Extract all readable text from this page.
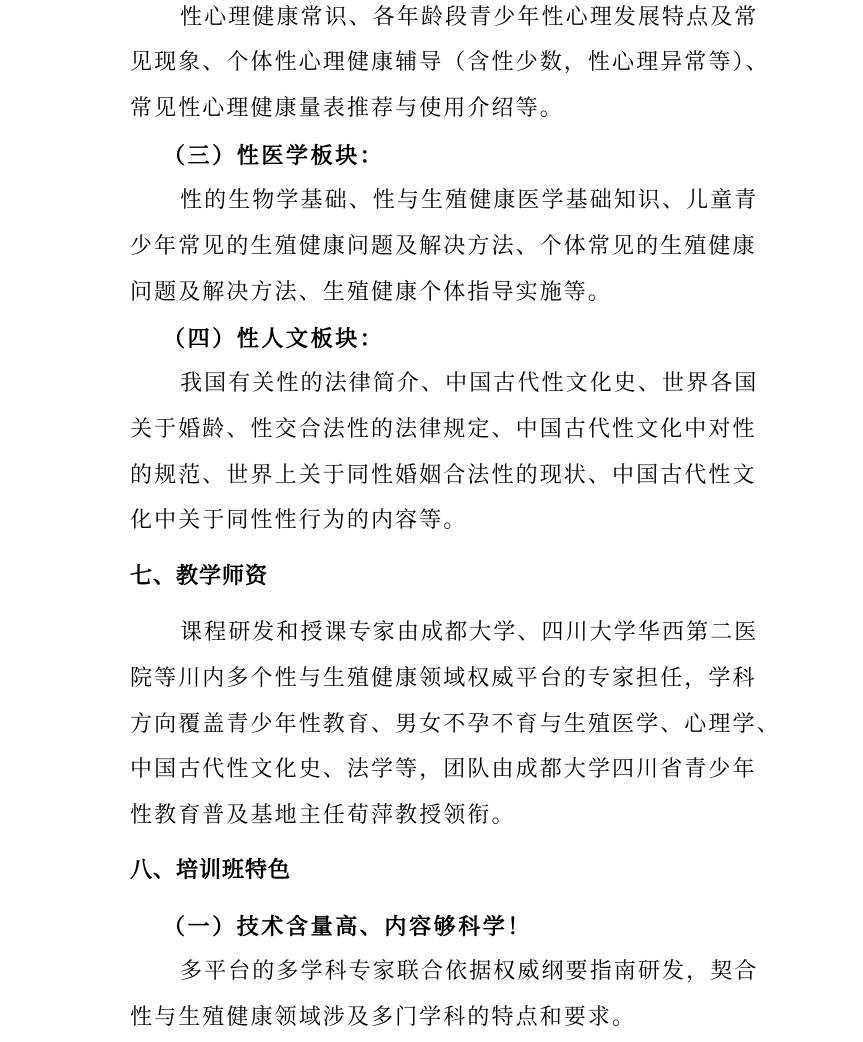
性心理健康常识、各年龄段青少年性心理发展特点及常
见现象、个体性心理健康辅导（含性少数，性心理异常等）、
常见性心理健康量表推荐与使用介绍等。
（三）性医学板块：
性的生物学基础、性与生殖健康医学基础知识、儿童青
少年常见的生殖健康问题及解决方法、个体常见的生殖健康
问题及解决方法、生殖健康个体指导实施等。
（四）性人文板块：
我国有关性的法律简介、中国古代性文化史、世界各国
关于婚龄、性交合法性的法律规定、中国古代性文化中对性
的规范、世界上关于同性婚姻合法性的现状、中国古代性文
化中关于同性性行为的内容等。
七、教学师资
课程研发和授课专家由成都大学、四川大学华西第二医
院等川内多个性与生殖健康领域权威平台的专家担任，学科
方向覆盖青少年性教育、男女不孕不育与生殖医学、心理学、
中国古代性文化史、法学等，团队由成都大学四川省青少年
性教育普及基地主任荀萍教授领衔。
八、培训班特色
（一）技术含量高、内容够科学！
多平台的多学科专家联合依据权威纲要指南研发，契合
性与生殖健康领域涉及多门学科的特点和要求。
